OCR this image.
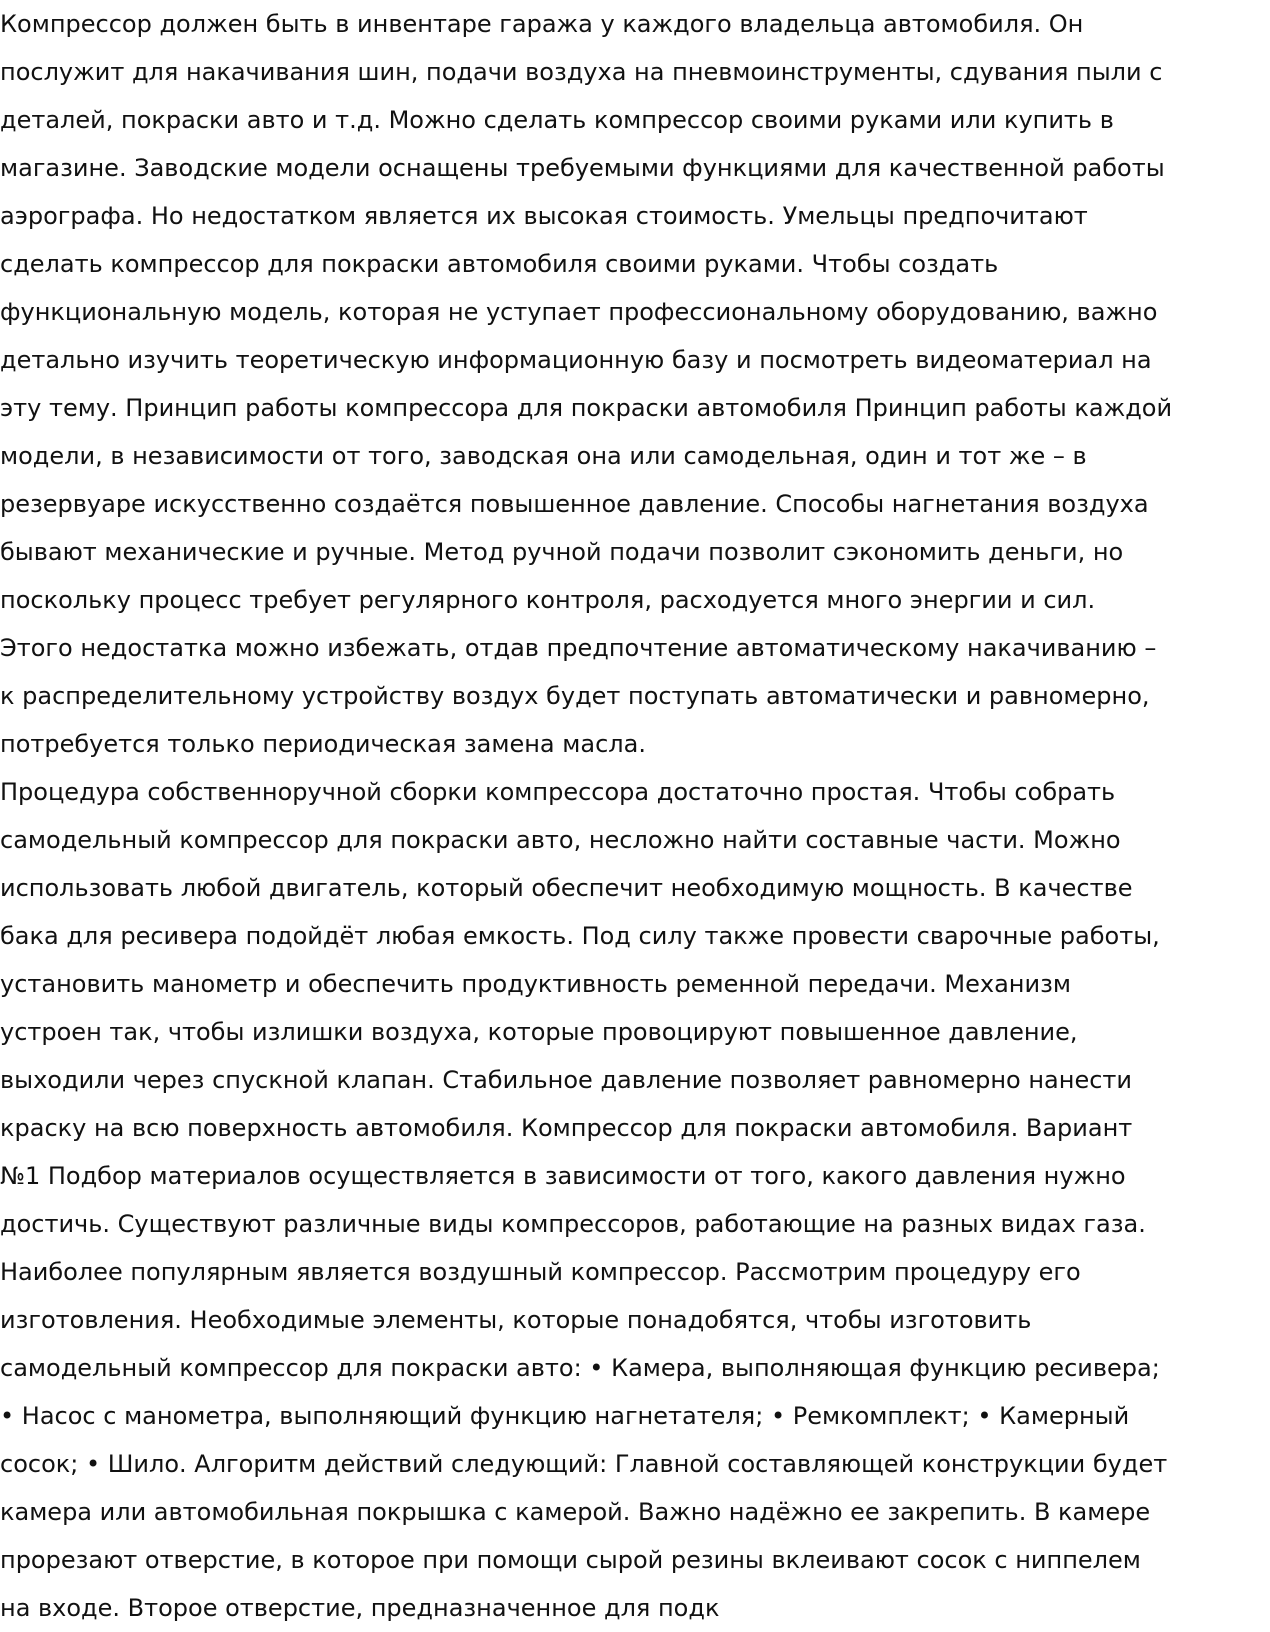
Компрессор должен быть в инвентаре гаража у каждого владельца автомобиля. Он
послужит для накачивания шин, подачи воздуха на пневмоинструменты, сдувания пыли с
деталей, покраски авто и т.д. Можно сделать компрессор своими руками или купить в
магазине. Заводские модели оснащены требуемыми функциями для качественной работы
аэрографа. Но недостатком является их высокая стоимость. Умельцы предпочитают
сделать компрессор для покраски автомобиля своими руками. Чтобы создать
функциональную модель, которая не уступает профессиональному оборудованию, важно
детально изучить теоретическую информационную базу и посмотреть видеоматериал на
эту тему. Принцип работы компрессора для покраски автомобиля Принцип работы каждой
модели, в независимости от того, заводская она или самодельная, один и тот же – в
резервуаре искусственно создаётся повышенное давление. Способы нагнетания воздуха
бывают механические и ручные. Метод ручной подачи позволит сэкономить деньги, но
поскольку процесс требует регулярного контроля, расходуется много энергии и сил.
Этого недостатка можно избежать, отдав предпочтение автоматическому накачиванию –
к распределительному устройству воздух будет поступать автоматически и равномерно,
потребуется только периодическая замена масла.
Процедура собственноручной сборки компрессора достаточно простая. Чтобы собрать
самодельный компрессор для покраски авто, несложно найти составные части. Можно
использовать любой двигатель, который обеспечит необходимую мощность. В качестве
бака для ресивера подойдёт любая емкость. Под силу также провести сварочные работы,
установить манометр и обеспечить продуктивность ременной передачи. Механизм
устроен так, чтобы излишки воздуха, которые провоцируют повышенное давление,
выходили через спускной клапан. Стабильное давление позволяет равномерно нанести
краску на всю поверхность автомобиля. Компрессор для покраски автомобиля. Вариант
№1 Подбор материалов осуществляется в зависимости от того, какого давления нужно
достичь. Существуют различные виды компрессоров, работающие на разных видах газа.
Наиболее популярным является воздушный компрессор. Рассмотрим процедуру его
изготовления. Необходимые элементы, которые понадобятся, чтобы изготовить
самодельный компрессор для покраски авто: • Камера, выполняющая функцию ресивера;
• Насос с манометра, выполняющий функцию нагнетателя; • Ремкомплект; • Камерный
сосок; • Шило. Алгоритм действий следующий: Главной составляющей конструкции будет
камера или автомобильная покрышка с камерой. Важно надёжно ее закрепить. В камере
прорезают отверстие, в которое при помощи сырой резины вклеивают сосок с ниппелем
на входе. Второе отверстие, предназначенное для подк
